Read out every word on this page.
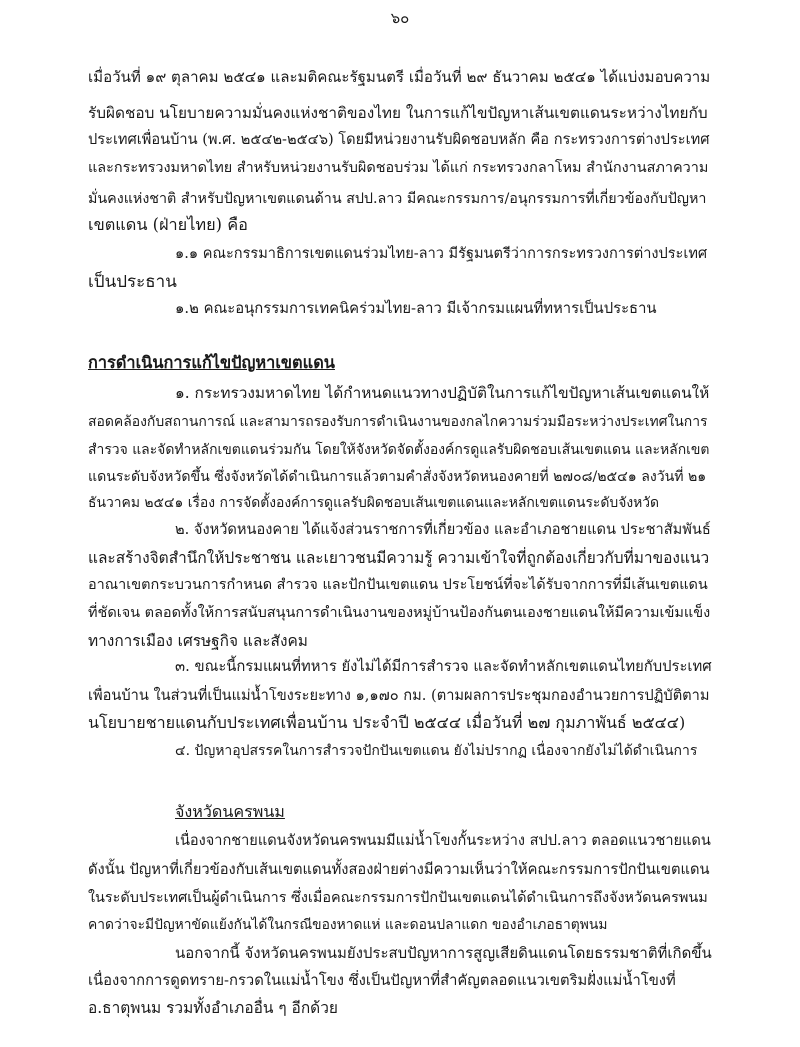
๖๐
เมื่อวันที่ ๑๙ ตุลาคม ๒๕๔๑ และมติคณะรัฐมนตรี เมื่อวันที่ ๒๙ ธันวาคม ๒๕๔๑ ได้แบ่งมอบความ
รับผิดชอบ นโยบายความมั่นคงแห่งชาติของไทย ในการแก้ไขปัญหาเส้นเขตแดนระหว่างไทยกับ
ประเทศเพื่อนบ้าน (พ.ศ. ๒๕๔๒-๒๕๔๖) โดยมีหน่วยงานรับผิดชอบหลัก คือ กระทรวงการต่างประเทศ
และกระทรวงมหาดไทย สำหรับหน่วยงานรับผิดชอบร่วม ได้แก่ กระทรวงกลาโหม สำนักงานสภาความ
มั่นคงแห่งชาติ สำหรับปัญหาเขตแดนด้าน สปป.ลาว มีคณะกรรมการ/อนุกรรมการที่เกี่ยวข้องกับปัญหา
เขตแดน (ฝ่ายไทย) คือ
๑.๑ คณะกรรมาธิการเขตแดนร่วมไทย-ลาว มีรัฐมนตรีว่าการกระทรวงการต่างประเทศ
เป็นประธาน
๑.๒ คณะอนุกรรมการเทคนิคร่วมไทย-ลาว มีเจ้ากรมแผนที่ทหารเป็นประธาน
การดำเนินการแก้ไขปัญหาเขตแดน
๑. กระทรวงมหาดไทย ได้กำหนดแนวทางปฏิบัติในการแก้ไขปัญหาเส้นเขตแดนให้
สอดคล้องกับสถานการณ์ และสามารถรองรับการดำเนินงานของกลไกความร่วมมือระหว่างประเทศในการ
สำรวจ และจัดทำหลักเขตแดนร่วมกัน โดยให้จังหวัดจัดตั้งองค์กรดูแลรับผิดชอบเส้นเขตแดน และหลักเขต
แดนระดับจังหวัดขึ้น ซึ่งจังหวัดได้ดำเนินการแล้วตามคำสั่งจังหวัดหนองคายที่ ๒๗๐๘/๒๕๔๑ ลงวันที่ ๒๑
ธันวาคม ๒๕๔๑ เรื่อง การจัดตั้งองค์การดูแลรับผิดชอบเส้นเขตแดนและหลักเขตแดนระดับจังหวัด
๒. จังหวัดหนองคาย ได้แจ้งส่วนราชการที่เกี่ยวข้อง และอำเภอชายแดน ประชาสัมพันธ์
และสร้างจิตสำนึกให้ประชาชน และเยาวชนมีความรู้ ความเข้าใจที่ถูกต้องเกี่ยวกับที่มาของแนว
อาณาเขตกระบวนการกำหนด สำรวจ และปักปันเขตแดน ประโยชน์ที่จะได้รับจากการที่มีเส้นเขตแดน
ที่ชัดเจน ตลอดทั้งให้การสนับสนุนการดำเนินงานของหมู่บ้านป้องกันตนเองชายแดนให้มีความเข้มแข็ง
ทางการเมือง เศรษฐกิจ และสังคม
๓. ขณะนี้กรมแผนที่ทหาร ยังไม่ได้มีการสำรวจ และจัดทำหลักเขตแดนไทยกับประเทศ
เพื่อนบ้าน ในส่วนที่เป็นแม่น้ำโขงระยะทาง ๑,๑๗๐ กม. (ตามผลการประชุมกองอำนวยการปฏิบัติตาม
นโยบายชายแดนกับประเทศเพื่อนบ้าน ประจำปี ๒๕๔๔ เมื่อวันที่ ๒๗ กุมภาพันธ์ ๒๕๔๔)
๔. ปัญหาอุปสรรคในการสำรวจปักปันเขตแดน ยังไม่ปรากฏ เนื่องจากยังไม่ได้ดำเนินการ
จังหวัดนครพนม
เนื่องจากชายแดนจังหวัดนครพนมมีแม่น้ำโขงกั้นระหว่าง สปป.ลาว ตลอดแนวชายแดน
ดังนั้น ปัญหาที่เกี่ยวข้องกับเส้นเขตแดนทั้งสองฝ่ายต่างมีความเห็นว่าให้คณะกรรมการปักปันเขตแดน
ในระดับประเทศเป็นผู้ดำเนินการ ซึ่งเมื่อคณะกรรมการปักปันเขตแดนได้ดำเนินการถึงจังหวัดนครพนม
คาดว่าจะมีปัญหาขัดแย้งกันได้ในกรณีของหาดแห่ และดอนปลาแดก ของอำเภอธาตุพนม
นอกจากนี้ จังหวัดนครพนมยังประสบปัญหาการสูญเสียดินแดนโดยธรรมชาติที่เกิดขึ้น
เนื่องจากการดูดทราย-กรวดในแม่น้ำโขง ซึ่งเป็นปัญหาที่สำคัญตลอดแนวเขตริมฝั่งแม่น้ำโขงที่
อ.ธาตุพนม รวมทั้งอำเภออื่น ๆ อีกด้วย
